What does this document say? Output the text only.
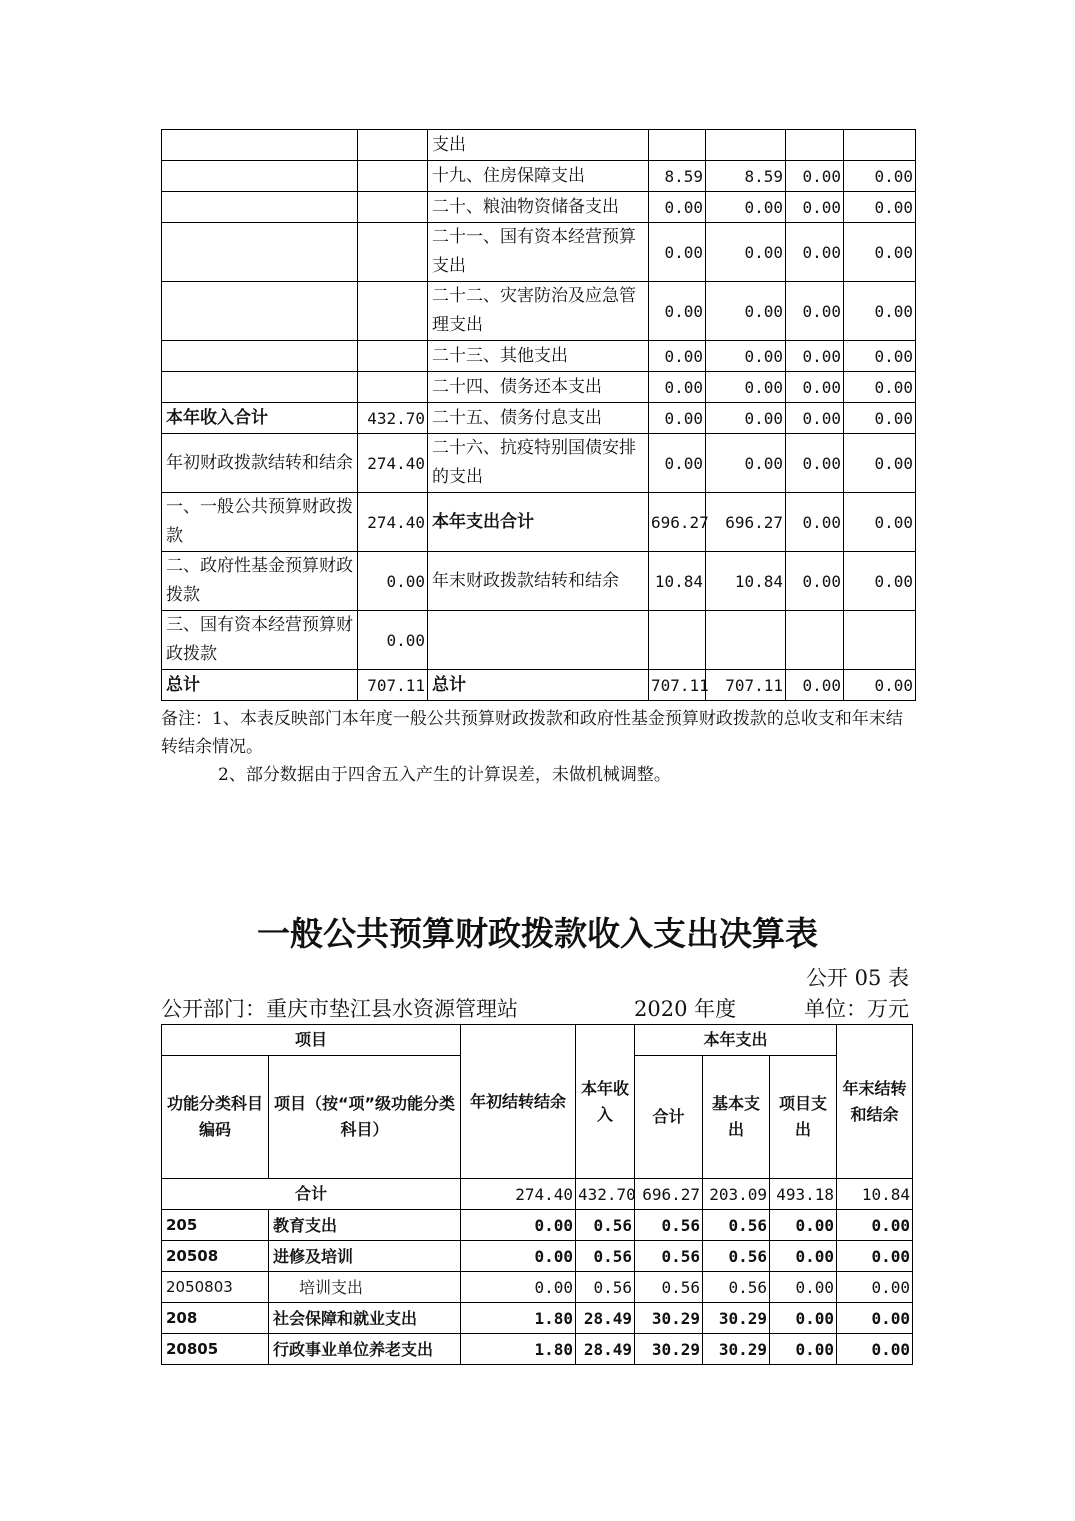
		支出				
		十九、住房保障支出	8.59	8.59	0.00	0.00
		二十、粮油物资储备支出	0.00	0.00	0.00	0.00
		二十一、国有资本经营预算支出	0.00	0.00	0.00	0.00
		二十二、灾害防治及应急管理支出	0.00	0.00	0.00	0.00
		二十三、其他支出	0.00	0.00	0.00	0.00
		二十四、债务还本支出	0.00	0.00	0.00	0.00
本年收入合计	432.70	二十五、债务付息支出	0.00	0.00	0.00	0.00
年初财政拨款结转和结余	274.40	二十六、抗疫特别国债安排的支出	0.00	0.00	0.00	0.00
一、一般公共预算财政拨款	274.40	本年支出合计	696.27	696.27	0.00	0.00
二、政府性基金预算财政拨款	0.00	年末财政拨款结转和结余	10.84	10.84	0.00	0.00
三、国有资本经营预算财政拨款	0.00					
总计	707.11	总计	707.11	707.11	0.00	0.00
备注：1、本表反映部门本年度一般公共预算财政拨款和政府性基金预算财政拨款的总收支和年末结转结余情况。
2、部分数据由于四舍五入产生的计算误差，未做机械调整。
一般公共预算财政拨款收入支出决算表
公开 05 表
公开部门：重庆市垫江县水资源管理站	2020 年度	单位：万元
项目		年初结转结余	本年收入	本年支出			年末结转和结余
功能分类科目编码	项目（按“项”级功能分类科目）			合计	基本支出	项目支出	
合计		274.40	432.70	696.27	203.09	493.18	10.84
205	教育支出	0.00	0.56	0.56	0.56	0.00	0.00
20508	进修及培训	0.00	0.56	0.56	0.56	0.00	0.00
2050803	培训支出	0.00	0.56	0.56	0.56	0.00	0.00
208	社会保障和就业支出	1.80	28.49	30.29	30.29	0.00	0.00
20805	行政事业单位养老支出	1.80	28.49	30.29	30.29	0.00	0.00
